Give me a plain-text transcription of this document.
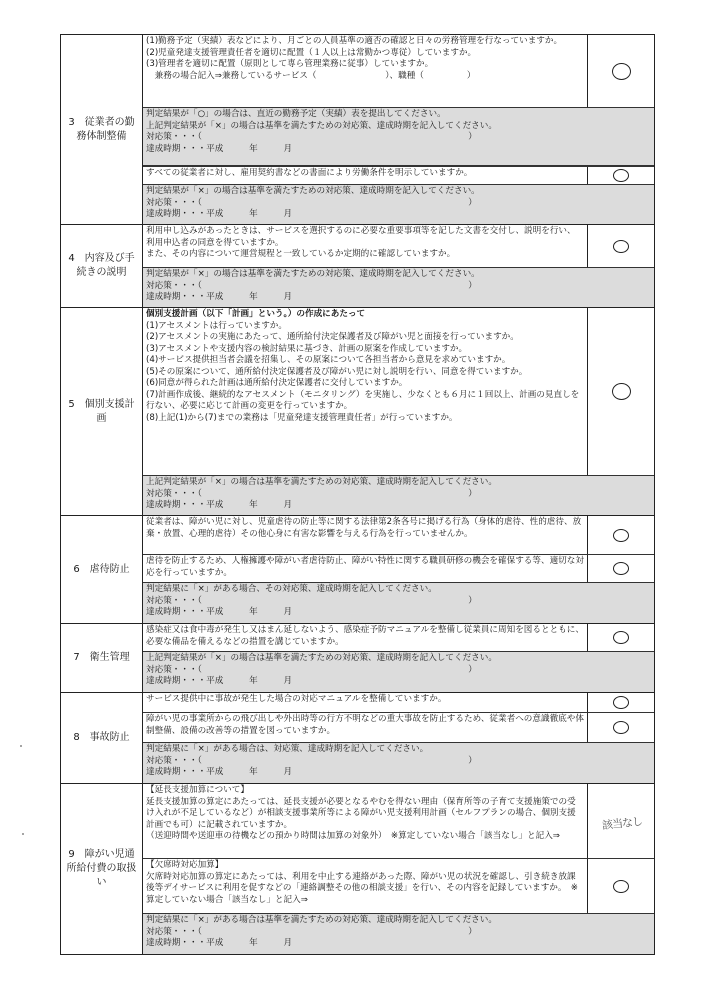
3　従業者の勤
務体制整備
(1)勤務予定（実績）表などにより、月ごとの人員基準の適否の確認と日々の労務管理を行なっていますか。
(2)児童発達支援管理責任者を適切に配置（１人以上は常勤かつ専従）していますか。
(3)管理者を適切に配置（原則として専ら管理業務に従事）していますか。
　兼務の場合記入⇒兼務しているサービス（　　　　　　　　）、職種（　　　　　）
判定結果が「○」の場合は、直近の勤務予定（実績）表を提出してください。
上記判定結果が「×」の場合は基準を満たすための対応策、達成時期を記入してください。
対応策・・・（　　　　　　　　　　　　　　　　　　　　　　　　　　　　　　　）
達成時期・・・平成　　　年　　　月
すべての従業者に対し、雇用契約書などの書面により労働条件を明示していますか。
判定結果が「×」の場合は基準を満たすための対応策、達成時期を記入してください。
対応策・・・（　　　　　　　　　　　　　　　　　　　　　　　　　　　　　　　）
達成時期・・・平成　　　年　　　月
4　内容及び手
続きの説明
利用申し込みがあったときは、サービスを選択するのに必要な重要事項等を記した文書を交付し、説明を行い、利用申込者の同意を得ていますか。
また、その内容について運営規程と一致しているか定期的に確認していますか。
判定結果が「×」の場合は基準を満たすための対応策、達成時期を記入してください。
対応策・・・（　　　　　　　　　　　　　　　　　　　　　　　　　　　　　　　）
達成時期・・・平成　　　年　　　月
5　個別支援計
画
個別支援計画（以下「計画」という。）の作成にあたって
(1)アセスメントは行っていますか。
(2)アセスメントの実施にあたって、通所給付決定保護者及び障がい児と面接を行っていますか。
(3)アセスメントや支援内容の検討結果に基づき、計画の原案を作成していますか。
(4)サービス提供担当者会議を招集し、その原案について各担当者から意見を求めていますか。
(5)その原案について、通所給付決定保護者及び障がい児に対し説明を行い、同意を得ていますか。
(6)同意が得られた計画は通所給付決定保護者に交付していますか。
(7)計画作成後、継続的なアセスメント（モニタリング）を実施し、少なくとも６月に１回以上、計画の見直しを行ない、必要に応じて計画の変更を行っていますか。
(8)上記(1)から(7)までの業務は「児童発達支援管理責任者」が行っていますか。
上記判定結果が「×」の場合は基準を満たすための対応策、達成時期を記入してください。
対応策・・・（　　　　　　　　　　　　　　　　　　　　　　　　　　　　　　　）
達成時期・・・平成　　　年　　　月
6　虐待防止
従業者は、障がい児に対し、児童虐待の防止等に関する法律第2条各号に掲げる行為（身体的虐待、性的虐待、放棄・放置、心理的虐待）その他心身に有害な影響を与える行為を行っていませんか。
虐待を防止するため、人権擁護や障がい者虐待防止、障がい特性に関する職員研修の機会を確保する等、適切な対応を行っていますか。
判定結果に「×」がある場合、その対応策、達成時期を記入してください。
対応策・・・（　　　　　　　　　　　　　　　　　　　　　　　　　　　　　　　）
達成時期・・・平成　　　年　　　月
7　衛生管理
感染症又は食中毒が発生し又はまん延しないよう、感染症予防マニュアルを整備し従業員に周知を図るとともに、必要な備品を備えるなどの措置を講じていますか。
上記判定結果が「×」の場合は基準を満たすための対応策、達成時期を記入してください。
対応策・・・（　　　　　　　　　　　　　　　　　　　　　　　　　　　　　　　）
達成時期・・・平成　　　年　　　月
8　事故防止
サービス提供中に事故が発生した場合の対応マニュアルを整備していますか。
障がい児の事業所からの飛び出しや外出時等の行方不明などの重大事故を防止するため、従業者への意識徹底や体制整備、設備の改善等の措置を図っていますか。
判定結果に「×」がある場合は、対応策、達成時期を記入してください。
対応策・・・（　　　　　　　　　　　　　　　　　　　　　　　　　　　　　　　）
達成時期・・・平成　　　年　　　月
9　障がい児通
所給付費の取扱
い
【延長支援加算について】
延長支援加算の算定にあたっては、延長支援が必要となるやむを得ない理由（保育所等の子育て支援施策での受け入れが不足しているなど）が相談支援事業所等による障がい児支援利用計画（セルフプランの場合、個別支援計画でも可）に記載されていますか。
（送迎時間や送迎車の待機などの預かり時間は加算の対象外）　※算定していない場合「該当なし」と記入⇒
該当なし
【欠席時対応加算】
欠席時対応加算の算定にあたっては、利用を中止する連絡があった際、障がい児の状況を確認し、引き続き放課後等デイサービスに利用を促すなどの「連絡調整その他の相談支援」を行い、その内容を記録していますか。　※算定していない場合「該当なし」と記入⇒
判定結果に「×」がある場合は基準を満たすための対応策、達成時期を記入してください。
対応策・・・（　　　　　　　　　　　　　　　　　　　　　　　　　　　　　　　）
達成時期・・・平成　　　年　　　月
